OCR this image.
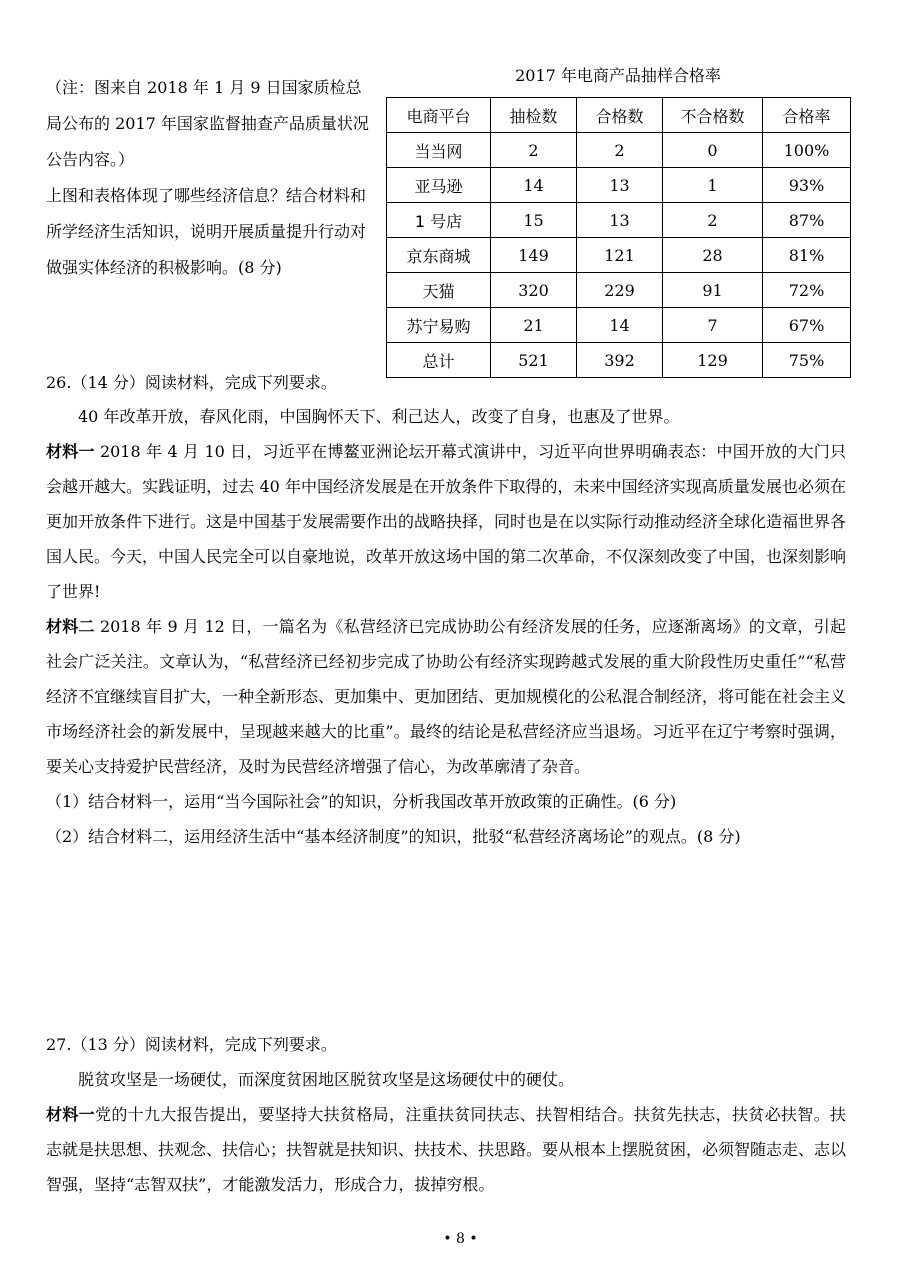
（注：图来自 2018 年 1 月 9 日国家质检总局公布的 2017 年国家监督抽查产品质量状况公告内容。）

上图和表格体现了哪些经济信息？结合材料和所学经济生活知识，说明开展质量提升行动对做强实体经济的积极影响。(8 分)

2017 年电商产品抽样合格率
电商平台	抽检数	合格数	不合格数	合格率
当当网	2	2	0	100%
亚马逊	14	13	1	93%
1 号店	15	13	2	87%
京东商城	149	121	28	81%
天猫	320	229	91	72%
苏宁易购	21	14	7	67%
总计	521	392	129	75%
26.（14 分）阅读材料，完成下列要求。

40 年改革开放，春风化雨，中国胸怀天下、利己达人，改变了自身，也惠及了世界。

材料一 2018 年 4 月 10 日，习近平在博鳌亚洲论坛开幕式演讲中，习近平向世界明确表态：中国开放的大门只会越开越大。实践证明，过去 40 年中国经济发展是在开放条件下取得的，未来中国经济实现高质量发展也必须在更加开放条件下进行。这是中国基于发展需要作出的战略抉择，同时也是在以实际行动推动经济全球化造福世界各国人民。今天，中国人民完全可以自豪地说，改革开放这场中国的第二次革命，不仅深刻改变了中国，也深刻影响了世界!

材料二 2018 年 9 月 12 日，一篇名为《私营经济已完成协助公有经济发展的任务，应逐渐离场》的文章，引起社会广泛关注。文章认为，“私营经济已经初步完成了协助公有经济实现跨越式发展的重大阶段性历史重任”“私营经济不宜继续盲目扩大，一种全新形态、更加集中、更加团结、更加规模化的公私混合制经济，将可能在社会主义市场经济社会的新发展中，呈现越来越大的比重”。最终的结论是私营经济应当退场。习近平在辽宁考察时强调，要关心支持爱护民营经济，及时为民营经济增强了信心，为改革廓清了杂音。

（1）结合材料一，运用“当今国际社会”的知识，分析我国改革开放政策的正确性。(6 分)

（2）结合材料二，运用经济生活中“基本经济制度”的知识，批驳“私营经济离场论”的观点。(8 分)

27.（13 分）阅读材料，完成下列要求。

脱贫攻坚是一场硬仗，而深度贫困地区脱贫攻坚是这场硬仗中的硬仗。

材料一党的十九大报告提出，要坚持大扶贫格局，注重扶贫同扶志、扶智相结合。扶贫先扶志，扶贫必扶智。扶志就是扶思想、扶观念、扶信心；扶智就是扶知识、扶技术、扶思路。要从根本上摆脱贫困，必须智随志走、志以智强，坚持“志智双扶”，才能激发活力，形成合力，拔掉穷根。

• 8 •
